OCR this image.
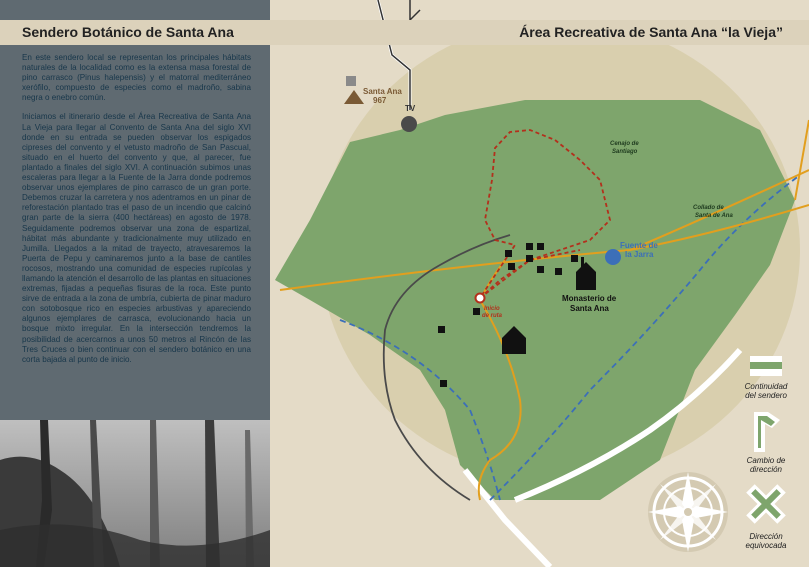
Sendero Botánico de Santa Ana

En este sendero local se representan los principales hábitats naturales de la localidad como es la extensa masa forestal de pino carrasco (Pinus halepensis) y el matorral mediterráneo xerófilo, compuesto de especies como el madroño, sabina negra o enebro común.

Iniciamos el itinerario desde el Área Recreativa de Santa Ana La Vieja para llegar al Convento de Santa Ana del siglo XVI donde en su entrada se pueden observar los espigados cipreses del convento y el vetusto madroño de San Pascual, situado en el huerto del convento y que, al parecer, fue plantado a finales del siglo XVI. A continuación subimos unas escaleras para llegar a la Fuente de la Jarra donde podremos observar unos ejemplares de pino carrasco de un gran porte. Debemos cruzar la carretera y nos adentramos en un pinar de reforestación plantado tras el paso de un incendio que calcinó gran parte de la sierra (400 hectáreas) en agosto de 1978. Seguidamente podremos observar una zona de espartizal, hábitat más abundante y tradicionalmente muy utilizado en Jumilla. Llegados a la mitad de trayecto, atravesaremos la Puerta de Pepu y caminaremos junto a la base de cantiles rocosos, mostrando una comunidad de especies rupícolas y llamando la atención el desarrollo de las plantas en situaciones extremas, fijadas a pequeñas fisuras de la roca. Este punto sirve de entrada a la zona de umbría, cubierta de pinar maduro con sotobosque rico en especies arbustivas y apareciendo algunos ejemplares de carrasca, evolucionando hacia un bosque mixto irregular. En la intersección tendremos la posibilidad de acercarnos a unos 50 metros al Rincón de las Tres Cruces o bien continuar con el sendero botánico en una corta bajada al punto de inicio.

Santa Ana
967
TV
Cenajo de
Santiago
Collado de
Santa de Ana
Fuente de
la Jarra
Monasterio de
Santa Ana
Inicio
de ruta
Continuidad
del sendero
Cambio de
dirección
Dirección
equivocada
Área Recreativa de Santa Ana “la Vieja”
